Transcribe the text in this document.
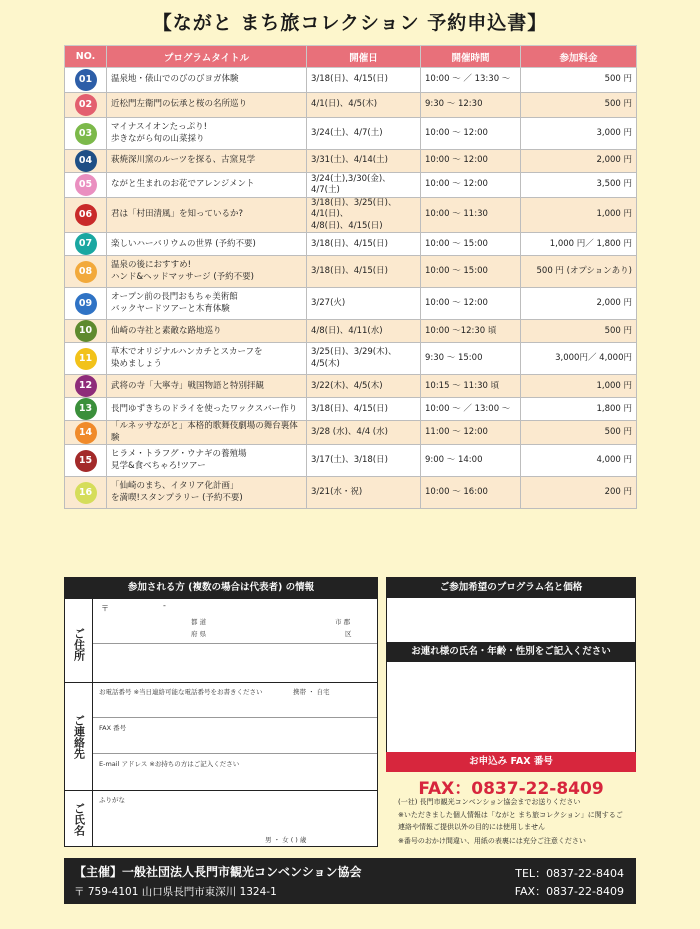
【ながと まち旅コレクション 予約申込書】
NO.	プログラムタイトル	開催日	開催時間	参加料金
01	温泉地・俵山でのびのびヨガ体験	3/18(日)、4/15(日)	10:00 〜 ／ 13:30 〜	500 円
02	近松門左衛門の伝承と桜の名所巡り	4/1(日)、4/5(木)	9:30 〜 12:30	500 円
03	マイナスイオンたっぷり!
歩きながら旬の山菜採り	3/24(土)、4/7(土)	10:00 〜 12:00	3,000 円
04	萩焼深川窯のルーツを探る、古窯見学	3/31(土)、4/14(土)	10:00 〜 12:00	2,000 円
05	ながと生まれのお花でアレンジメント	3/24(土),3/30(金)、4/7(土)	10:00 〜 12:00	3,500 円
06	君は「村田清風」を知っているか?	3/18(日)、3/25(日)、4/1(日)、
4/8(日)、4/15(日)	10:00 〜 11:30	1,000 円
07	楽しいハーバリウムの世界 (予約不要)	3/18(日)、4/15(日)	10:00 〜 15:00	1,000 円／ 1,800 円
08	温泉の後におすすめ!
ハンド&ヘッドマッサージ (予約不要)	3/18(日)、4/15(日)	10:00 〜 15:00	500 円 (オプションあり)
09	オープン前の長門おもちゃ美術館
バックヤードツアーと木育体験	3/27(火)	10:00 〜 12:00	2,000 円
10	仙崎の寺社と素敵な路地巡り	4/8(日)、4/11(水)	10:00 〜12:30 頃	500 円
11	草木でオリジナルハンカチとスカーフを
染めましょう	3/25(日)、3/29(木)、4/5(木)	9:30 〜 15:00	3,000円／ 4,000円
12	武将の寺「大寧寺」戦国物語と特別拝観	3/22(木)、4/5(木)	10:15 〜 11:30 頃	1,000 円
13	長門ゆずきちのドライを使ったワックスバー作り	3/18(日)、4/15(日)	10:00 〜 ／ 13:00 〜	1,800 円
14	「ルネッサながと」本格的歌舞伎劇場の舞台裏体験	3/28 (水)、4/4 (水)	11:00 〜 12:00	500 円
15	ヒラメ・トラフグ・ウナギの養殖場
見学&食べちゃろ!ツアー	3/17(土)、3/18(日)	9:00 〜 14:00	4,000 円
16	「仙崎のまち、イタリア化計画」
を満喫!スタンプラリー (予約不要)	3/21(水・祝)	10:00 〜 16:00	200 円
参加される方 (複数の場合は代表者) の情報
ご住所
〒	-
都 道
府 県
市 郡
区
ご連絡先
お電話番号 ※当日連絡可能な電話番号をお書きください	携帯 ・ 自宅
FAX 番号
E-mail アドレス ※お持ちの方はご記入ください
ご氏名
ふりがな
男 ・ 女 ( ) 歳
ご参加希望のプログラム名と価格
お連れ様の氏名・年齢・性別をご記入ください
お申込み FAX 番号
FAX：0837-22-8409
(一社) 長門市観光コンベンション協会までお送りください
※いただきました個人情報は「ながと まち旅コレクション」に関するご
連絡や情報ご提供以外の目的には使用しません
※番号のおかけ間違い、用紙の表裏には充分ご注意ください
【主催】一般社団法人長門市観光コンベンション協会
〒 759-4101 山口県長門市東深川 1324-1
TEL：0837-22-8404
FAX：0837-22-8409
